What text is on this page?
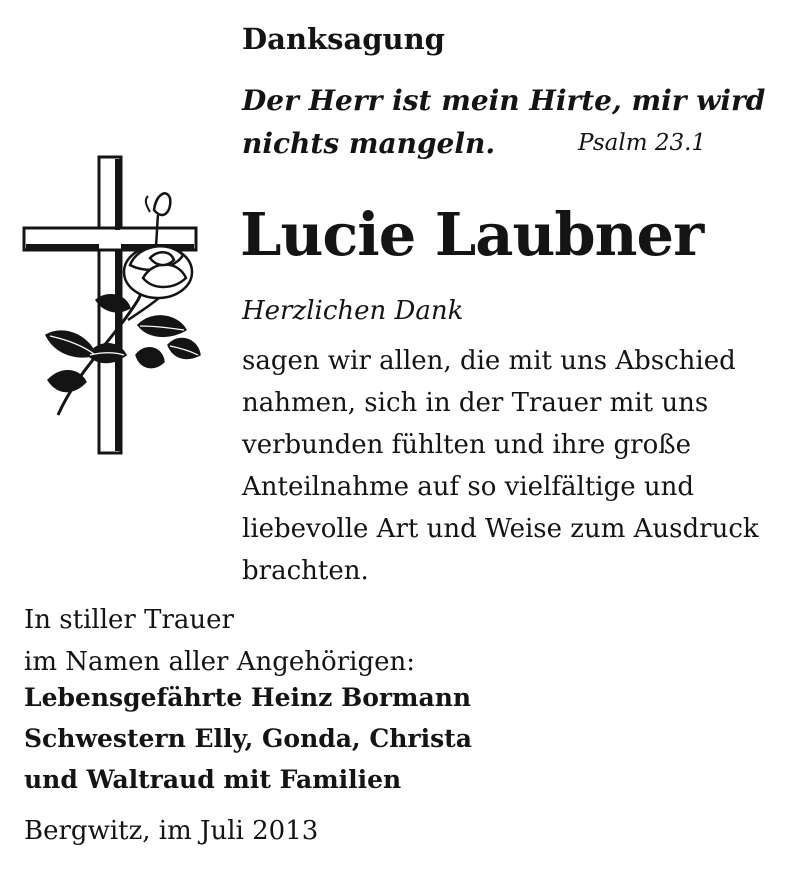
Danksagung
Der Herr ist mein Hirte, mir wird
nichts mangeln.	Psalm 23.1
Lucie Laubner
Herzlichen Dank
sagen wir allen, die mit uns Abschied
nahmen, sich in der Trauer mit uns
verbunden fühlten und ihre große
Anteilnahme auf so vielfältige und
liebevolle Art und Weise zum Ausdruck
brachten.
In stiller Trauer
im Namen aller Angehörigen:
Lebensgefährte Heinz Bormann
Schwestern Elly, Gonda, Christa
und Waltraud mit Familien
Bergwitz, im Juli 2013
